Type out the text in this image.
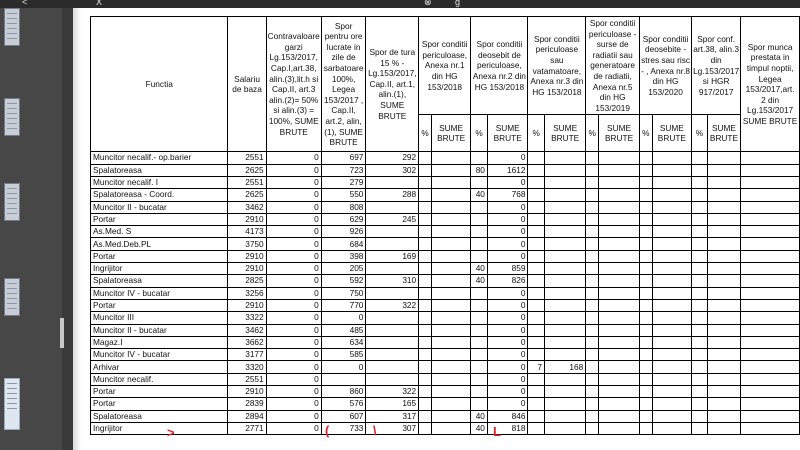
<	X	⊗	g
Functia	Salariu de baza	Contravaloare garzi Lg.153/2017, Cap.I,art.38, alin.(3),lit.h si Cap.II, art.3 alin.(2)= 50% si alin.(3) = 100%, SUME BRUTE	Spor pentru ore lucrate in zile de sarbatoare 100%, Legea 153/2017 , Cap.II, art.2, alin,(1), SUME BRUTE	Spor de tura 15 % - Lg.153/2017, Cap.II, art.1, alin.(1), SUME BRUTE	Spor conditii periculoase, Anexa nr.1 din HG 153/2018		Spor conditii deosebit de periculoase, Anexa nr.2 din HG 153/2018		Spor conditii periculoase sau vatamatoare, Anexa nr.3 din HG 153/2018		Spor conditii periculoase - surse de radiatii sau generatoare de radiatii, Anexa nr.5 din HG 153/2019		Spor conditii deosebite - stres sau risc - , Anexa nr.8 din HG 153/2020		Spor conf. art.38, alin.3 din Lg.153/2017 si HGR 917/2017		Spor munca prestata in timpul noptii, Legea 153/2017,art. 2 din Lg.153/2017 SUME BRUTE
					%	SUME BRUTE	%	SUME BRUTE	%	SUME BRUTE	%	SUME BRUTE	%	SUME BRUTE	%	SUME BRUTE	
Muncitor necalif.- op.barier	2551	0	697	292				0									
Spalatoreasa	2625	0	723	302			80	1612									
Muncitor necalif. I	2551	0	279					0									
Spalatoreasa - Coord.	2625	0	550	288			40	768									
Muncitor II - bucatar	3462	0	808					0									
Portar	2910	0	629	245				0									
As.Med. S	4173	0	926					0									
As.Med.Deb.PL	3750	0	684					0									
Portar	2910	0	398	169				0									
Ingrijitor	2910	0	205				40	859									
Spalatoreasa	2825	0	592	310			40	826									
Muncitor IV - bucatar	3256	0	750					0									
Portar	2910	0	770	322				0									
Muncitor III	3322	0	0					0									
Muncitor II - bucatar	3462	0	485					0									
Magaz.I	3662	0	634					0									
Muncitor IV - bucatar	3177	0	585					0									
Arhivar	3320	0	0					0	7	168							
Muncitor necalif.	2551	0						0									
Portar	2910	0	860	322				0									
Portar	2839	0	576	165				0									
Spalatoreasa	2894	0	607	317			40	846									
Ingrijitor	2771	0	733	307			40	818									
>	(	\	L
